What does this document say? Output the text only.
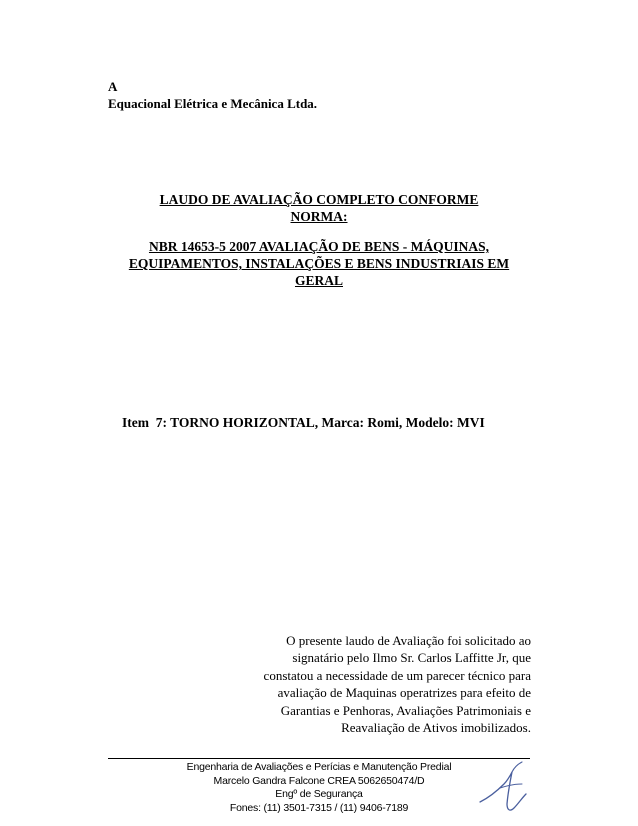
A
Equacional Elétrica e Mecânica Ltda.
LAUDO DE AVALIAÇÃO COMPLETO CONFORME
NORMA:
NBR 14653-5 2007 AVALIAÇÃO DE BENS - MÁQUINAS,
EQUIPAMENTOS, INSTALAÇÕES E BENS INDUSTRIAIS EM
GERAL
Item  7: TORNO HORIZONTAL, Marca: Romi, Modelo: MVI
O presente laudo de Avaliação foi solicitado ao
signatário pelo Ilmo Sr. Carlos Laffitte Jr, que
constatou a necessidade de um parecer técnico para
avaliação de Maquinas operatrizes para efeito de
Garantias e Penhoras, Avaliações Patrimoniais e
Reavaliação de Ativos imobilizados.
Engenharia de Avaliações e Perícias e Manutenção Predial
Marcelo Gandra Falcone CREA 5062650474/D
Engº de Segurança
Fones: (11) 3501-7315 / (11) 9406-7189
